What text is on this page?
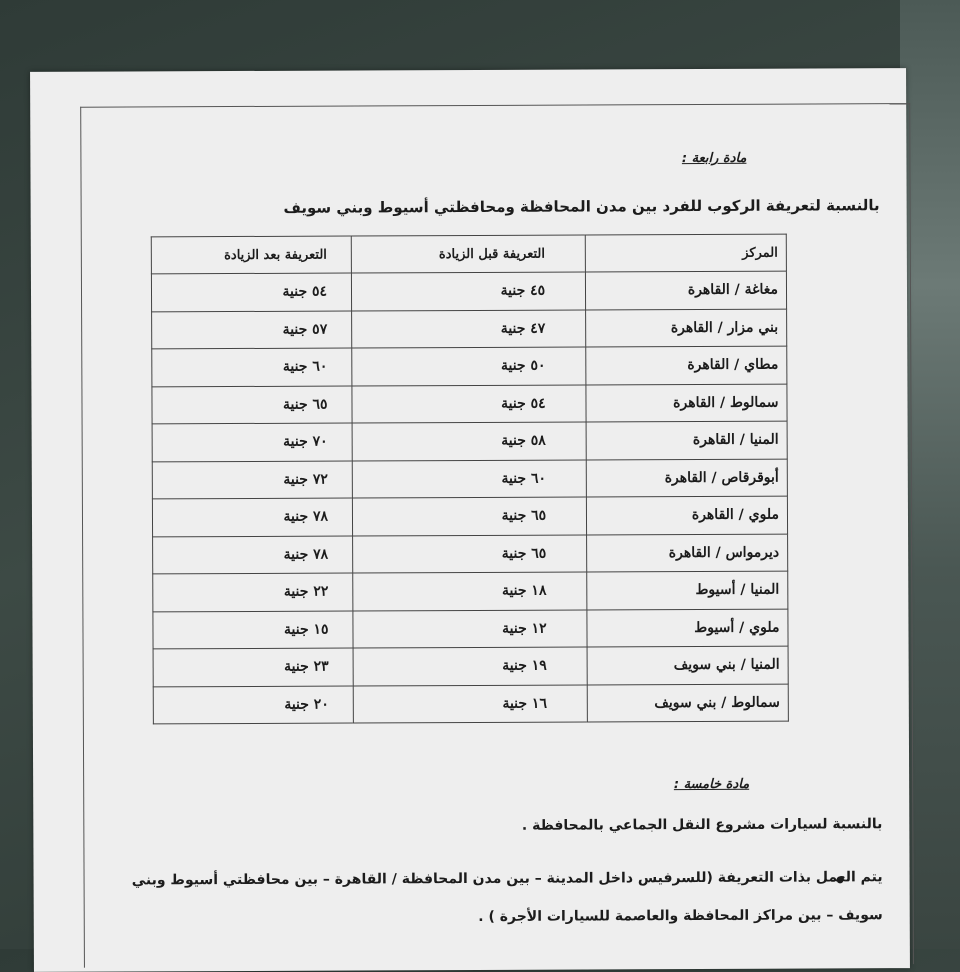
مادة رابعة :
بالنسبة لتعريفة الركوب للفرد بين مدن المحافظة ومحافظتي أسيوط وبني سويف
المركز	التعريفة قبل الزيادة	التعريفة بعد الزيادة
مغاغة / القاهرة	٤٥ جنية	٥٤ جنية
بني مزار / القاهرة	٤٧ جنية	٥٧ جنية
مطاي / القاهرة	٥٠ جنية	٦٠ جنية
سمالوط / القاهرة	٥٤ جنية	٦٥ جنية
المنيا / القاهرة	٥٨ جنية	٧٠ جنية
أبوقرقاص / القاهرة	٦٠ جنية	٧٢ جنية
ملوي / القاهرة	٦٥ جنية	٧٨ جنية
ديرمواس / القاهرة	٦٥ جنية	٧٨ جنية
المنيا / أسيوط	١٨ جنية	٢٢ جنية
ملوي / أسيوط	١٢ جنية	١٥ جنية
المنيا / بني سويف	١٩ جنية	٢٣ جنية
سمالوط / بني سويف	١٦ جنية	٢٠ جنية
مادة خامسة :
بالنسبة لسيارات مشروع النقل الجماعي بالمحافظة .
يتم العمل بذات التعريفة (للسرفيس داخل المدينة – بين مدن المحافظة / القاهرة – بين محافظتي أسيوط وبني سويف – بين مراكز المحافظة والعاصمة للسيارات الأجرة ) .
